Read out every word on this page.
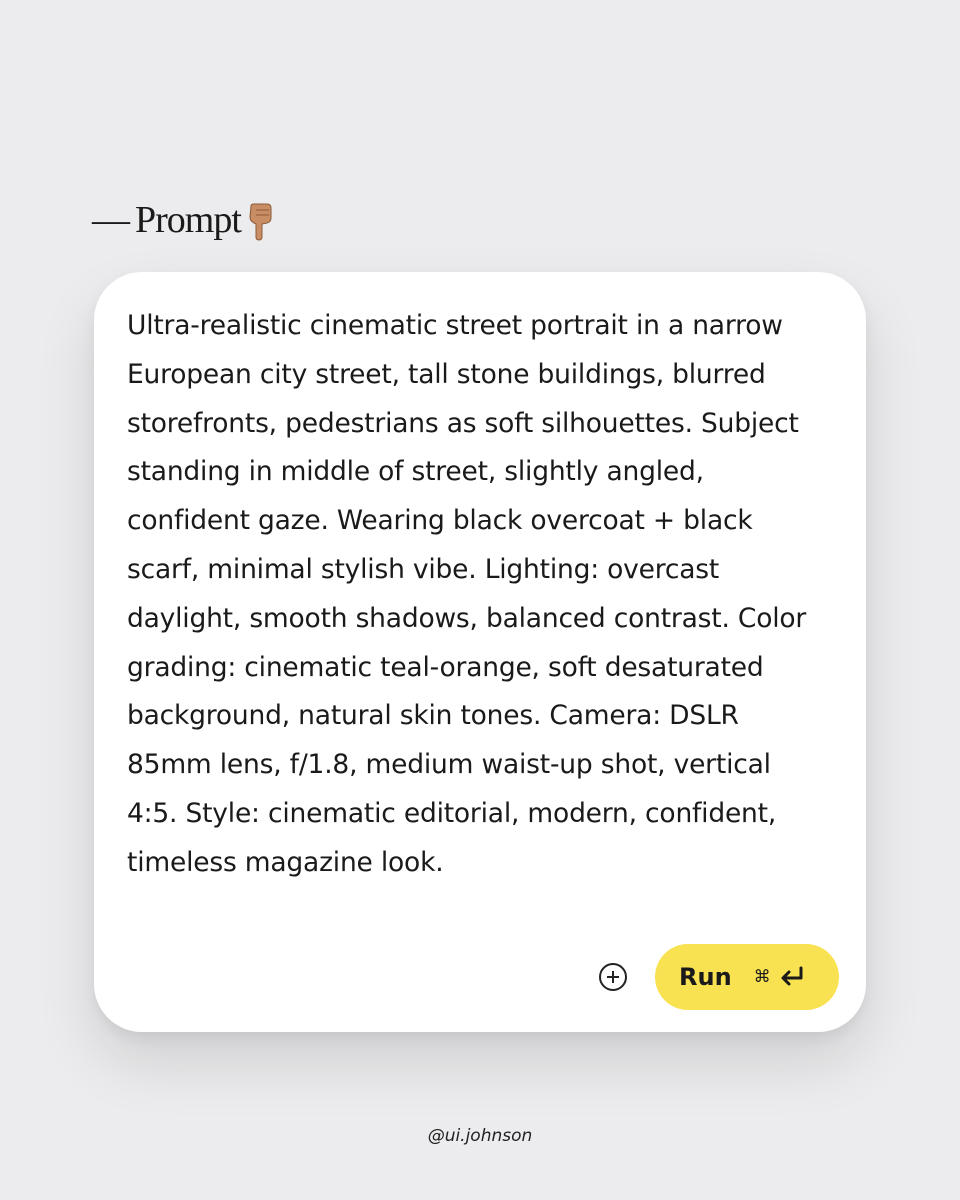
— Prompt

Ultra-realistic cinematic street portrait in a narrow European city street, tall stone buildings, blurred storefronts, pedestrians as soft silhouettes. Subject standing in middle of street, slightly angled, confident gaze. Wearing black overcoat + black scarf, minimal stylish vibe. Lighting: overcast daylight, smooth shadows, balanced contrast. Color grading: cinematic teal-orange, soft desaturated background, natural skin tones. Camera: DSLR 85mm lens, f/1.8, medium waist-up shot, vertical 4:5. Style: cinematic editorial, modern, confident, timeless magazine look.

Run ⌘
@ui.johnson
